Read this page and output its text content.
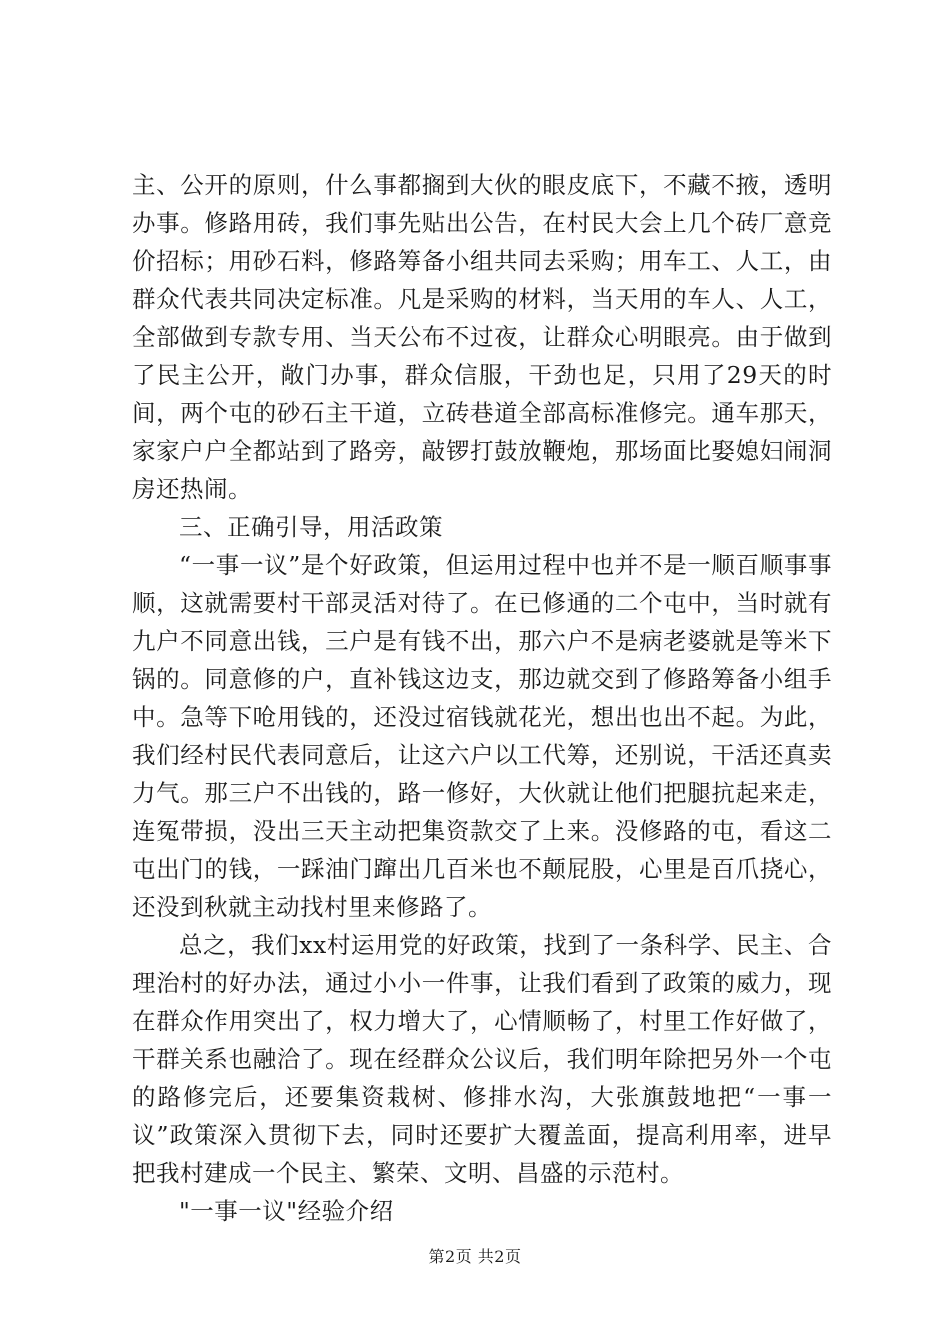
主、公开的原则，什么事都搁到大伙的眼皮底下，不藏不掖，透明办事。修路用砖，我们事先贴出公告，在村民大会上几个砖厂意竞价招标；用砂石料，修路筹备小组共同去采购；用车工、人工，由群众代表共同决定标准。凡是采购的材料，当天用的车人、人工，全部做到专款专用、当天公布不过夜，让群众心明眼亮。由于做到了民主公开，敞门办事，群众信服，干劲也足，只用了29天的时间，两个屯的砂石主干道，立砖巷道全部高标准修完。通车那天，家家户户全都站到了路旁，敲锣打鼓放鞭炮，那场面比娶媳妇闹洞房还热闹。

三、正确引导，用活政策

“一事一议”是个好政策，但运用过程中也并不是一顺百顺事事顺，这就需要村干部灵活对待了。在已修通的二个屯中，当时就有九户不同意出钱，三户是有钱不出，那六户不是病老婆就是等米下锅的。同意修的户，直补钱这边支，那边就交到了修路筹备小组手中。急等下呛用钱的，还没过宿钱就花光，想出也出不起。为此，我们经村民代表同意后，让这六户以工代筹，还别说，干活还真卖力气。那三户不出钱的，路一修好，大伙就让他们把腿抗起来走，连冤带损，没出三天主动把集资款交了上来。没修路的屯，看这二屯出门的钱，一踩油门蹿出几百米也不颠屁股，心里是百爪挠心，还没到秋就主动找村里来修路了。

总之，我们xx村运用党的好政策，找到了一条科学、民主、合理治村的好办法，通过小小一件事，让我们看到了政策的威力，现在群众作用突出了，权力增大了，心情顺畅了，村里工作好做了，干群关系也融洽了。现在经群众公议后，我们明年除把另外一个屯的路修完后，还要集资栽树、修排水沟，大张旗鼓地把“一事一议”政策深入贯彻下去，同时还要扩大覆盖面，提高利用率，进早把我村建成一个民主、繁荣、文明、昌盛的示范村。

"一事一议"经验介绍

第2页 共2页
